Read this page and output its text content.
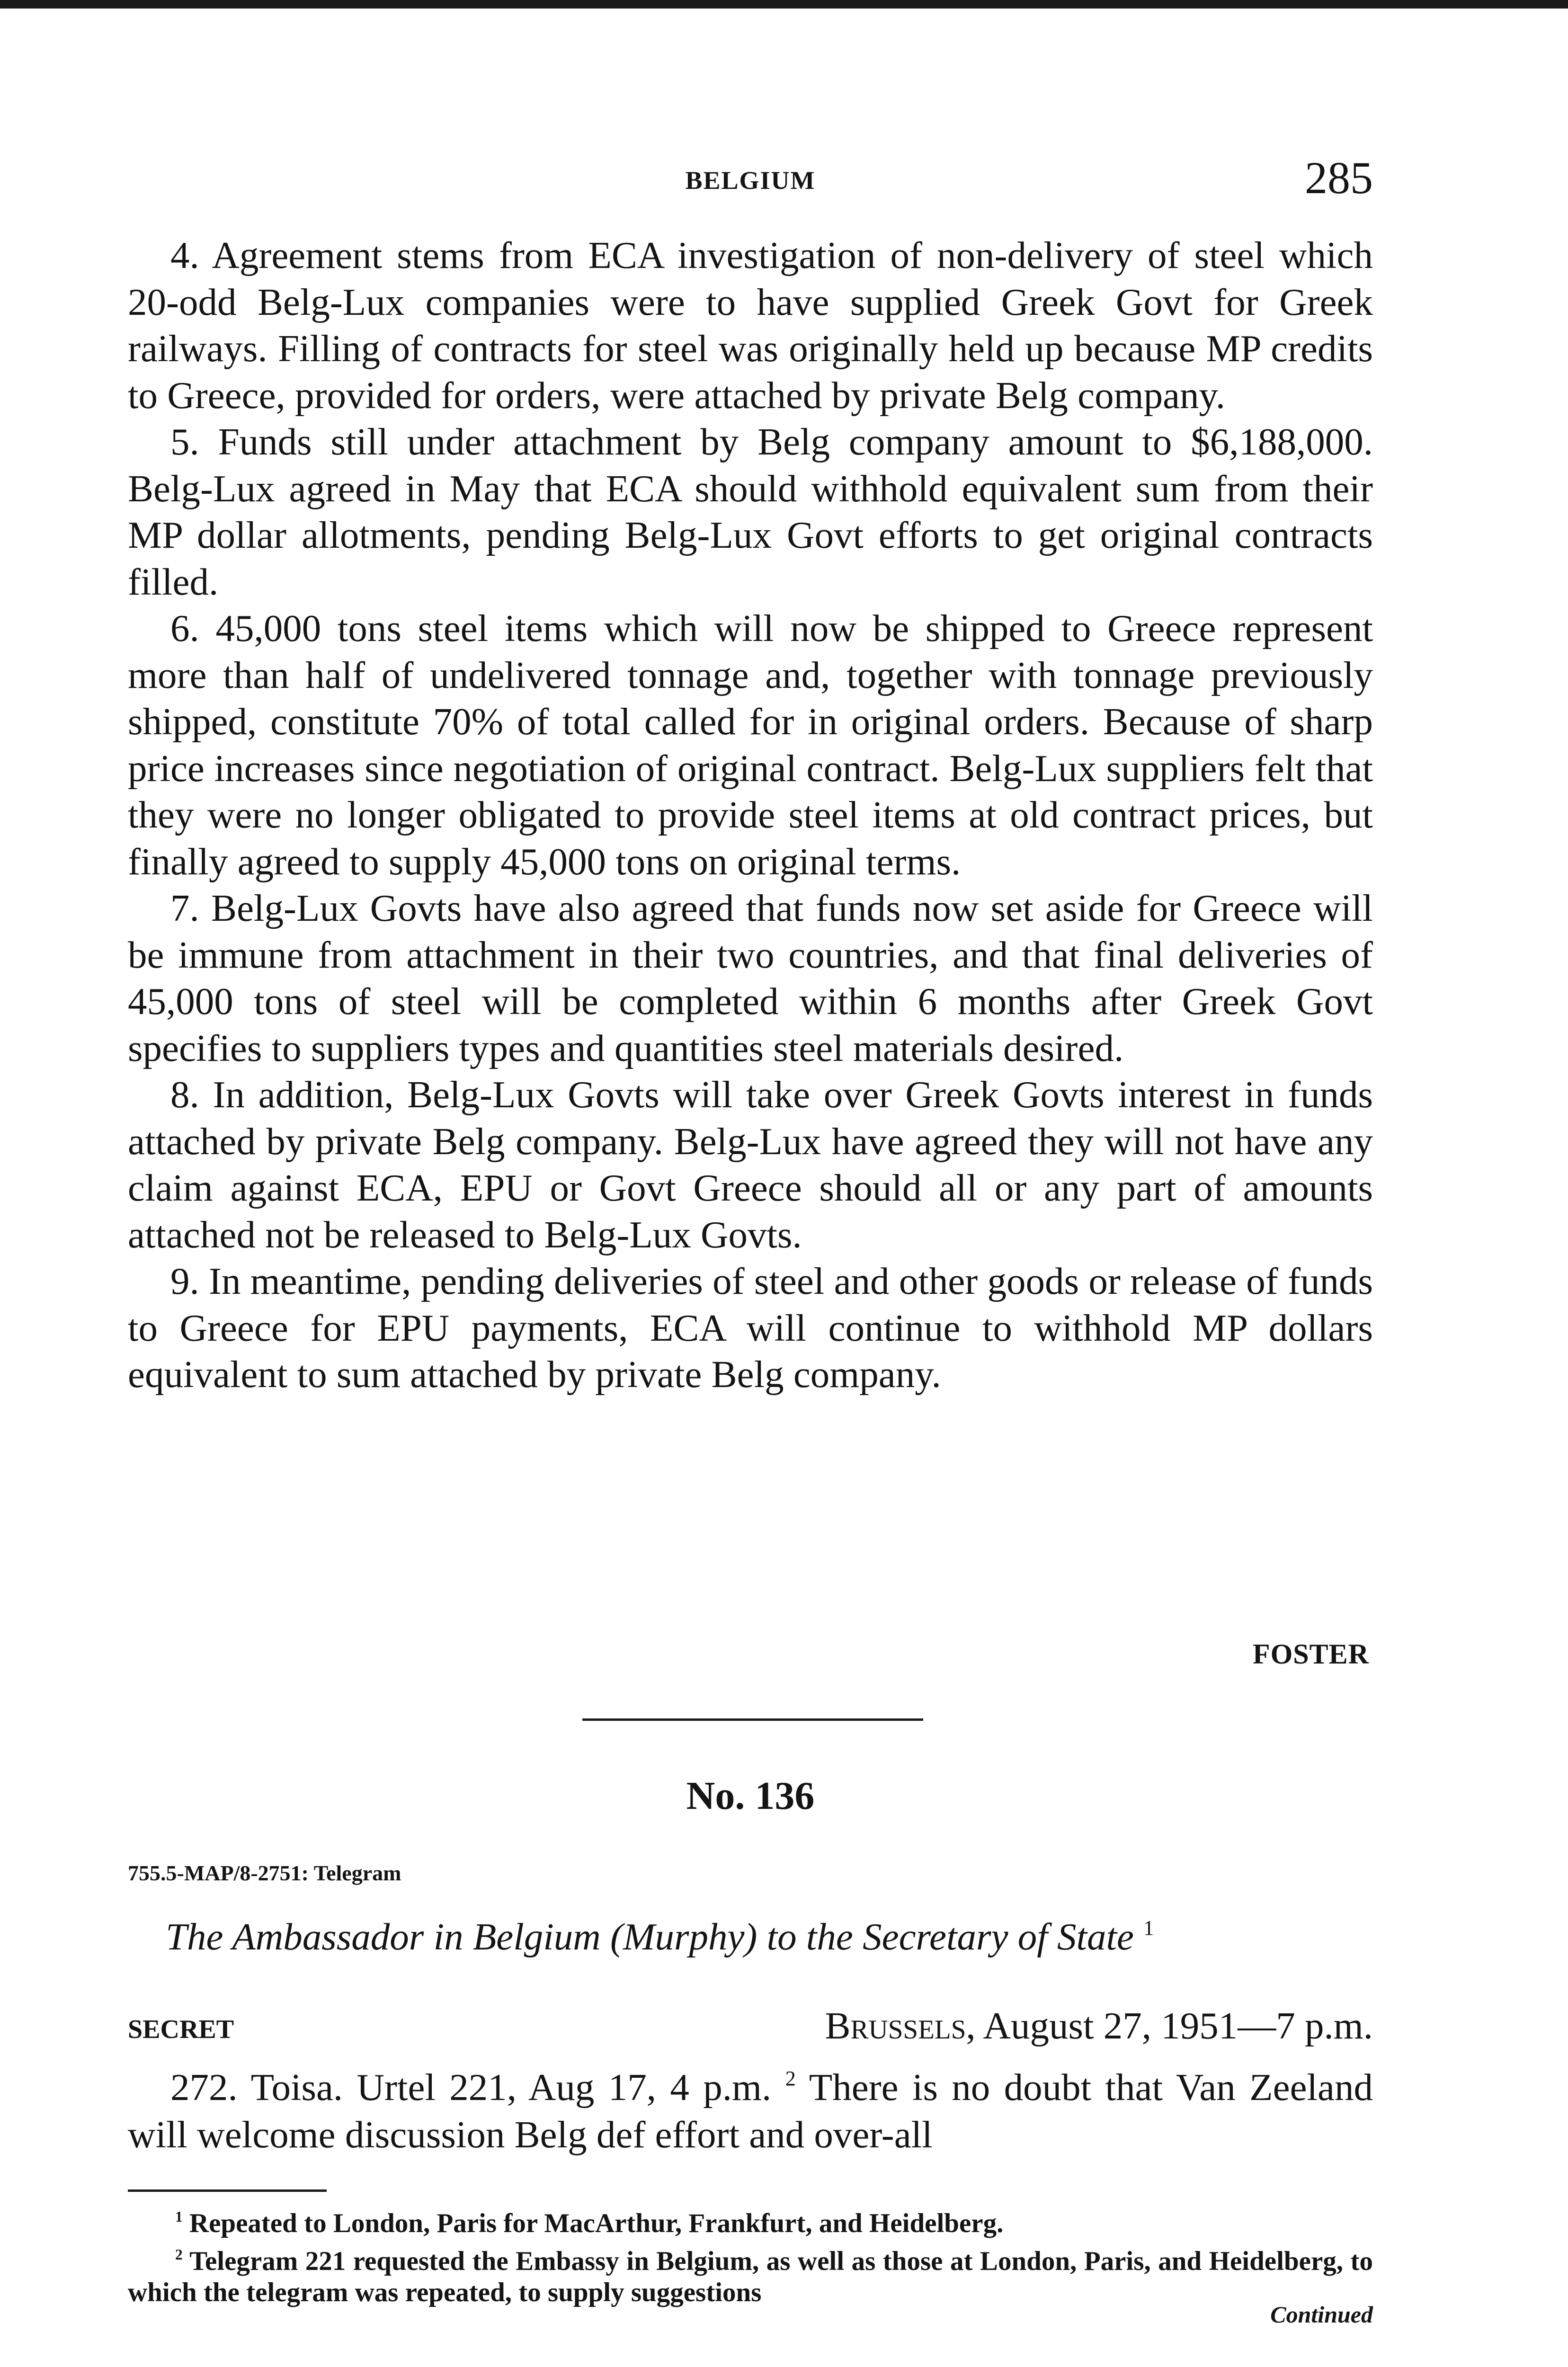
BELGIUM	285

4. Agreement stems from ECA investigation of non-delivery of steel which 20-odd Belg-Lux companies were to have supplied Greek Govt for Greek railways. Filling of contracts for steel was originally held up because MP credits to Greece, provided for orders, were attached by private Belg company.

5. Funds still under attachment by Belg company amount to $6,188,000. Belg-Lux agreed in May that ECA should withhold equivalent sum from their MP dollar allotments, pending Belg-Lux Govt efforts to get original contracts filled.

6. 45,000 tons steel items which will now be shipped to Greece represent more than half of undelivered tonnage and, together with tonnage previously shipped, constitute 70% of total called for in original orders. Because of sharp price increases since negotiation of original contract. Belg-Lux suppliers felt that they were no longer obligated to provide steel items at old contract prices, but finally agreed to supply 45,000 tons on original terms.

7. Belg-Lux Govts have also agreed that funds now set aside for Greece will be immune from attachment in their two countries, and that final deliveries of 45,000 tons of steel will be completed within 6 months after Greek Govt specifies to suppliers types and quantities steel materials desired.

8. In addition, Belg-Lux Govts will take over Greek Govts interest in funds attached by private Belg company. Belg-Lux have agreed they will not have any claim against ECA, EPU or Govt Greece should all or any part of amounts attached not be released to Belg-Lux Govts.

9. In meantime, pending deliveries of steel and other goods or release of funds to Greece for EPU payments, ECA will continue to withhold MP dollars equivalent to sum attached by private Belg company.

FOSTER
No. 136
755.5-MAP/8-2751: Telegram
The Ambassador in Belgium (Murphy) to the Secretary of State $^1$
SECRET	Brussels, August 27, 1951—7 p.m.

272. Toisa. Urtel 221, Aug 17, 4 p.m. $^2$ There is no doubt that Van Zeeland will welcome discussion Belg def effort and over-all

$^1$ Repeated to London, Paris for MacArthur, Frankfurt, and Heidelberg.

$^2$ Telegram 221 requested the Embassy in Belgium, as well as those at London, Paris, and Heidelberg, to which the telegram was repeated, to supply suggestions

Continued
